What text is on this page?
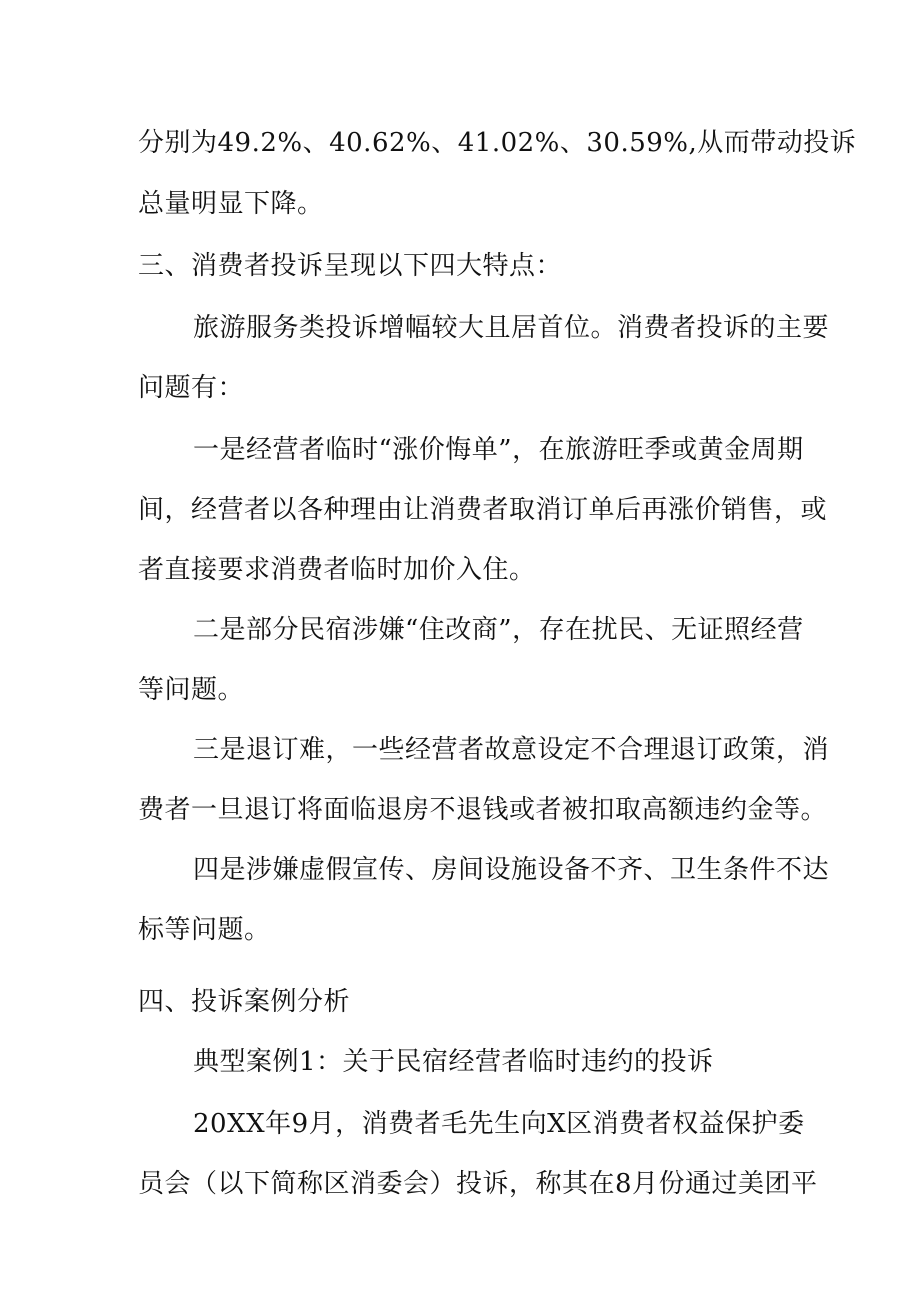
分别为49.2%、40.62%、41.02%、30.59%,从而带动投诉
总量明显下降。
三、消费者投诉呈现以下四大特点：
旅游服务类投诉增幅较大且居首位。消费者投诉的主要
问题有：
一是经营者临时“涨价悔单”，在旅游旺季或黄金周期
间，经营者以各种理由让消费者取消订单后再涨价销售，或
者直接要求消费者临时加价入住。
二是部分民宿涉嫌“住改商”，存在扰民、无证照经营
等问题。
三是退订难，一些经营者故意设定不合理退订政策，消
费者一旦退订将面临退房不退钱或者被扣取高额违约金等。
四是涉嫌虚假宣传、房间设施设备不齐、卫生条件不达
标等问题。
四、投诉案例分析
典型案例1：关于民宿经营者临时违约的投诉
20XX年9月，消费者毛先生向X区消费者权益保护委
员会（以下简称区消委会）投诉，称其在8月份通过美团平
